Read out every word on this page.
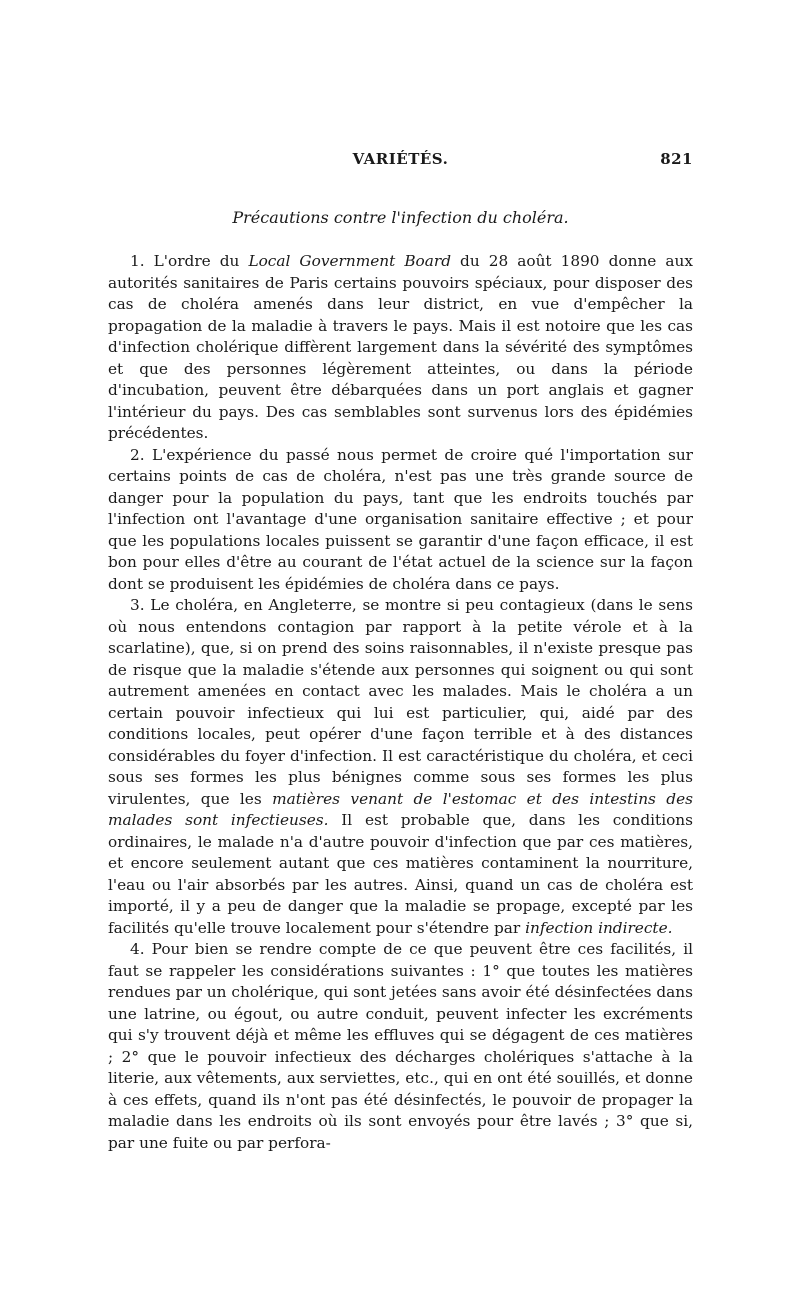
VARIÉTÉS.	821
Précautions contre l'infection du choléra.

1. L'ordre du Local Government Board du 28 août 1890 donne aux autorités sanitaires de Paris certains pouvoirs spéciaux, pour disposer des cas de choléra amenés dans leur district, en vue d'empêcher la propagation de la maladie à travers le pays. Mais il est notoire que les cas d'infection cholérique diffèrent largement dans la sévérité des symptômes et que des personnes légèrement atteintes, ou dans la période d'incubation, peuvent être débarquées dans un port anglais et gagner l'intérieur du pays. Des cas semblables sont survenus lors des épidémies précédentes.

2. L'expérience du passé nous permet de croire qué l'importation sur certains points de cas de choléra, n'est pas une très grande source de danger pour la population du pays, tant que les endroits touchés par l'infection ont l'avantage d'une organisation sanitaire effective ; et pour que les populations locales puissent se garantir d'une façon efficace, il est bon pour elles d'être au courant de l'état actuel de la science sur la façon dont se produisent les épidémies de choléra dans ce pays.

3. Le choléra, en Angleterre, se montre si peu contagieux (dans le sens où nous entendons contagion par rapport à la petite vérole et à la scarlatine), que, si on prend des soins raisonnables, il n'existe presque pas de risque que la maladie s'étende aux personnes qui soignent ou qui sont autrement amenées en contact avec les malades. Mais le choléra a un certain pouvoir infectieux qui lui est particulier, qui, aidé par des conditions locales, peut opérer d'une façon terrible et à des distances considérables du foyer d'infection. Il est caractéristique du choléra, et ceci sous ses formes les plus bénignes comme sous ses formes les plus virulentes, que les matières venant de l'estomac et des intestins des malades sont infectieuses. Il est probable que, dans les conditions ordinaires, le malade n'a d'autre pouvoir d'infection que par ces matières, et encore seulement autant que ces matières contaminent la nourriture, l'eau ou l'air absorbés par les autres. Ainsi, quand un cas de choléra est importé, il y a peu de danger que la maladie se propage, excepté par les facilités qu'elle trouve localement pour s'étendre par infection indirecte.

4. Pour bien se rendre compte de ce que peuvent être ces facilités, il faut se rappeler les considérations suivantes : 1° que toutes les matières rendues par un cholérique, qui sont jetées sans avoir été désinfectées dans une latrine, ou égout, ou autre conduit, peuvent infecter les excréments qui s'y trouvent déjà et même les effluves qui se dégagent de ces matières ; 2° que le pouvoir infectieux des décharges cholériques s'attache à la literie, aux vêtements, aux serviettes, etc., qui en ont été souillés, et donne à ces effets, quand ils n'ont pas été désinfectés, le pouvoir de propager la maladie dans les endroits où ils sont envoyés pour être lavés ; 3° que si, par une fuite ou par perfora-
